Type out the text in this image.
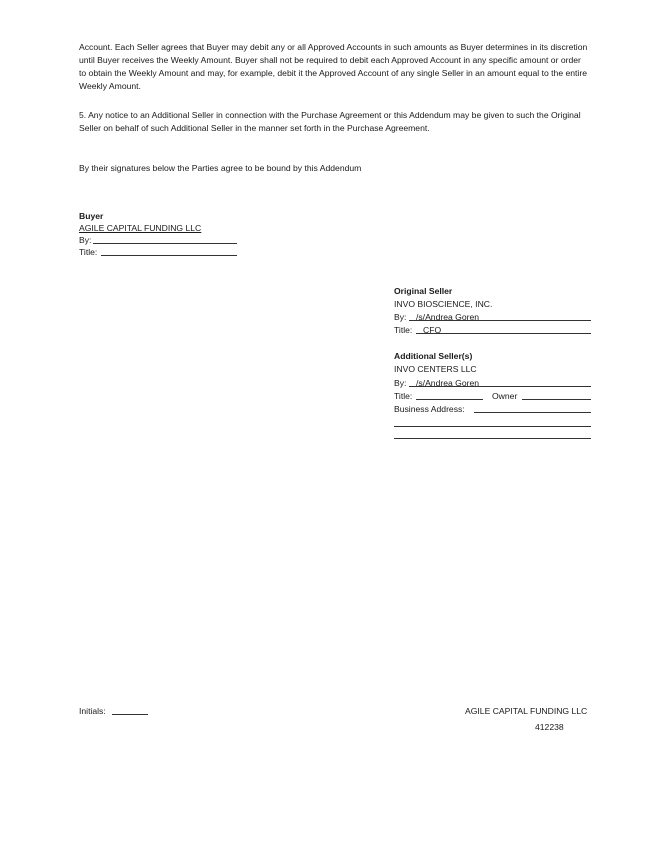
Account. Each Seller agrees that Buyer may debit any or all Approved Accounts in such amounts as Buyer determines in its discretion until Buyer receives the Weekly Amount. Buyer shall not be required to debit each Approved Account in any specific amount or order to obtain the Weekly Amount and may, for example, debit it the Approved Account of any single Seller in an amount equal to the entire Weekly Amount.

5. Any notice to an Additional Seller in connection with the Purchase Agreement or this Addendum may be given to such the Original Seller on behalf of such Additional Seller in the manner set forth in the Purchase Agreement.

By their signatures below the Parties agree to be bound by this Addendum
Buyer
AGILE CAPITAL FUNDING LLC
By:
Title:
Original Seller
INVO BIOSCIENCE, INC.
By: /s/Andrea Goren
Title: CFO
Additional Seller(s)
INVO CENTERS LLC
By: /s/Andrea Goren
Title:	Owner
Business Address:
Initials:	AGILE CAPITAL FUNDING LLC
412238
